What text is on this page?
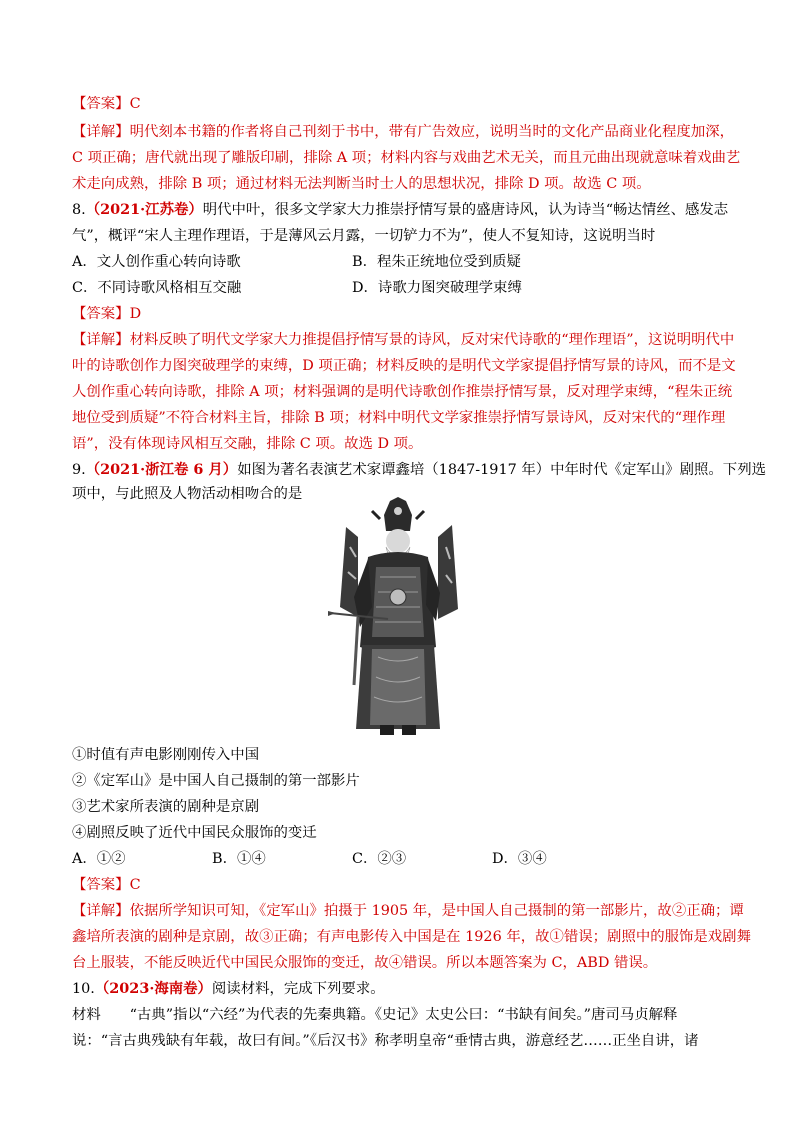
【答案】C
【详解】明代刻本书籍的作者将自己刊刻于书中，带有广告效应，说明当时的文化产品商业化程度加深，
C 项正确；唐代就出现了雕版印刷，排除 A 项；材料内容与戏曲艺术无关，而且元曲出现就意味着戏曲艺
术走向成熟，排除 B 项；通过材料无法判断当时士人的思想状况，排除 D 项。故选 C 项。
8.（2021·江苏卷）明代中叶，很多文学家大力推崇抒情写景的盛唐诗风，认为诗当“畅达情丝、感发志
气”，概评“宋人主理作理语，于是薄风云月露，一切铲力不为”，使人不复知诗，这说明当时
A．文人创作重心转向诗歌	B．程朱正统地位受到质疑
C．不同诗歌风格相互交融	D．诗歌力图突破理学束缚
【答案】D
【详解】材料反映了明代文学家大力推提倡抒情写景的诗风，反对宋代诗歌的“理作理语”，这说明明代中
叶的诗歌创作力图突破理学的束缚，D 项正确；材料反映的是明代文学家提倡抒情写景的诗风，而不是文
人创作重心转向诗歌，排除 A 项；材料强调的是明代诗歌创作推崇抒情写景，反对理学束缚，“程朱正统
地位受到质疑”不符合材料主旨，排除 B 项；材料中明代文学家推崇抒情写景诗风，反对宋代的“理作理
语”，没有体现诗风相互交融，排除 C 项。故选 D 项。
9.（2021·浙江卷 6 月）如图为著名表演艺术家谭鑫培（1847-1917 年）中年时代《定军山》剧照。下列选
项中，与此照及人物活动相吻合的是
①时值有声电影刚刚传入中国
②《定军山》是中国人自己摄制的第一部影片
③艺术家所表演的剧种是京剧
④剧照反映了近代中国民众服饰的变迁
A．①②	B．①④	C．②③	D．③④
【答案】C
【详解】依据所学知识可知，《定军山》拍摄于 1905 年，是中国人自己摄制的第一部影片，故②正确；谭
鑫培所表演的剧种是京剧，故③正确；有声电影传入中国是在 1926 年，故①错误；剧照中的服饰是戏剧舞
台上服装，不能反映近代中国民众服饰的变迁，故④错误。所以本题答案为 C，ABD 错误。
10.（2023·海南卷）阅读材料，完成下列要求。
材料　　“古典”指以“六经”为代表的先秦典籍。《史记》太史公曰：“书缺有间矣。”唐司马贞解释
说：“言古典残缺有年载，故曰有间。”《后汉书》称孝明皇帝“垂情古典，游意经艺……正坐自讲，诸
